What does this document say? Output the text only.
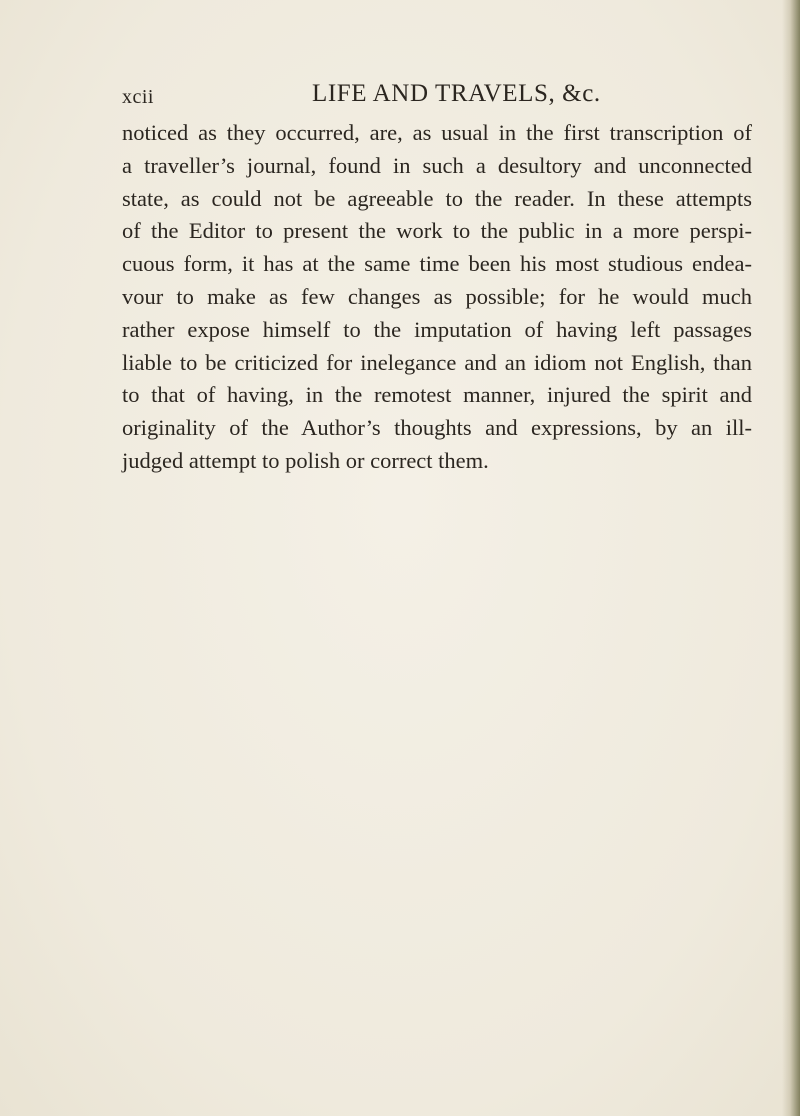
xcii	LIFE AND TRAVELS, &c.
noticed as they occurred, are, as usual in the first transcription of
a traveller’s journal, found in such a desultory and unconnected
state, as could not be agreeable to the reader. In these attempts
of the Editor to present the work to the public in a more perspi-
cuous form, it has at the same time been his most studious endea-
vour to make as few changes as possible; for he would much
rather expose himself to the imputation of having left passages
liable to be criticized for inelegance and an idiom not English, than
to that of having, in the remotest manner, injured the spirit and
originality of the Author’s thoughts and expressions, by an ill-
judged attempt to polish or correct them.
